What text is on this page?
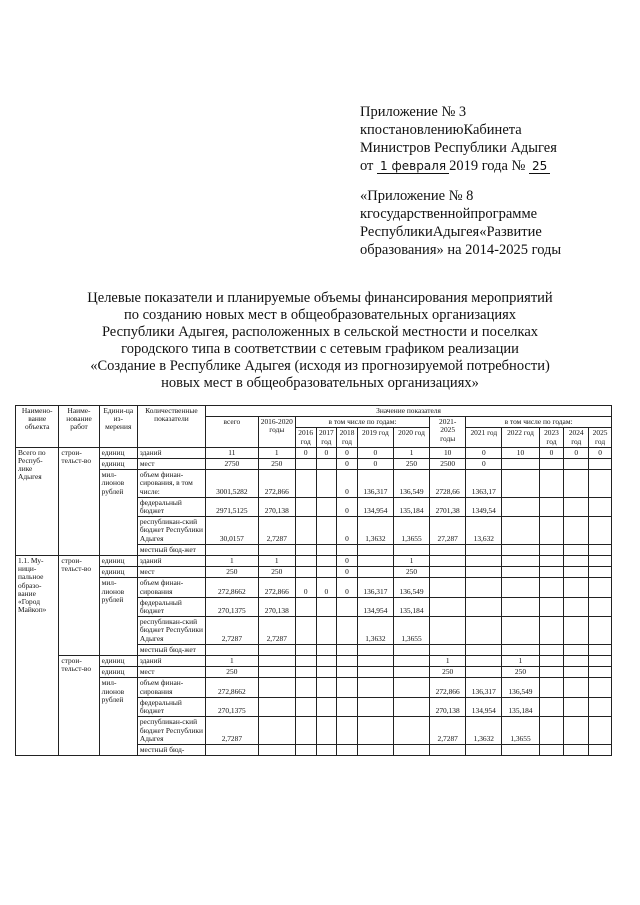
Приложение № 3
кпостановлениюКабинета
Министров Республики Адыгея
от 1 февраля 2019 года № 25
«Приложение № 8
кгосударственнойпрограмме
РеспубликиАдыгея«Развитие
образования» на 2014-2025 годы
Целевые показатели и планируемые объемы финансирования мероприятий
по созданию новых мест в общеобразовательных организациях
Республики Адыгея, расположенных в сельской местности и поселках
городского типа в соответствии с сетевым графиком реализации
«Создание в Республике Адыгея (исходя из прогнозируемой потребности)
новых мест в общеобразовательных организациях»
Наимено-вание объекта	Наиме-нование работ	Едини-ца из-мерения	Количественные показатели	Значение показателя												
				всего	2016-2020 годы	в том числе по годам:					2021-2025 годы	в том числе по годам:				
						2016 год	2017 год	2018 год	2019 год	2020 год		2021 год	2022 год	2023 год	2024 год	2025 год
Всего по Респуб-лике Адыгея	строи-тельст-во	единиц	зданий	11	1	0	0	0	0	1	10	0	10	0	0	0
		единиц	мест	2750	250			0	0	250	2500	0				
		мил-лионов рублей	объем финан-сирования, в том числе:	3001,5282	272,866			0	136,317	136,549	2728,66	1363,17				
			федеральный бюджет	2971,5125	270,138			0	134,954	135,184	2701,38	1349,54				
			республикан-ский бюджет Республики Адыгея	30,0157	2,7287			0	1,3632	1,3655	27,287	13,632				
			местный бюд-жет													
1.1. Му-ници-пальное образо-вание «Город Майкоп»	строи-тельст-во	единиц	зданий	1	1			0		1						
		единиц	мест	250	250			0		250						
		мил-лионов рублей	объем финан-сирования	272,8662	272,866	0	0	0	136,317	136,549						
			федеральный бюджет	270,1375	270,138				134,954	135,184						
			республикан-ский бюджет Республики Адыгея	2,7287	2,7287				1,3632	1,3655						
			местный бюд-жет													
	строи-тельст-во	единиц	зданий	1							1		1			
		единиц	мест	250							250		250			
		мил-лионов рублей	объем финан-сирования	272,8662							272,866	136,317	136,549			
			федеральный бюджет	270,1375							270,138	134,954	135,184			
			республикан-ский бюджет Республики Адыгея	2,7287							2,7287	1,3632	1,3655			
			местный бюд-													
